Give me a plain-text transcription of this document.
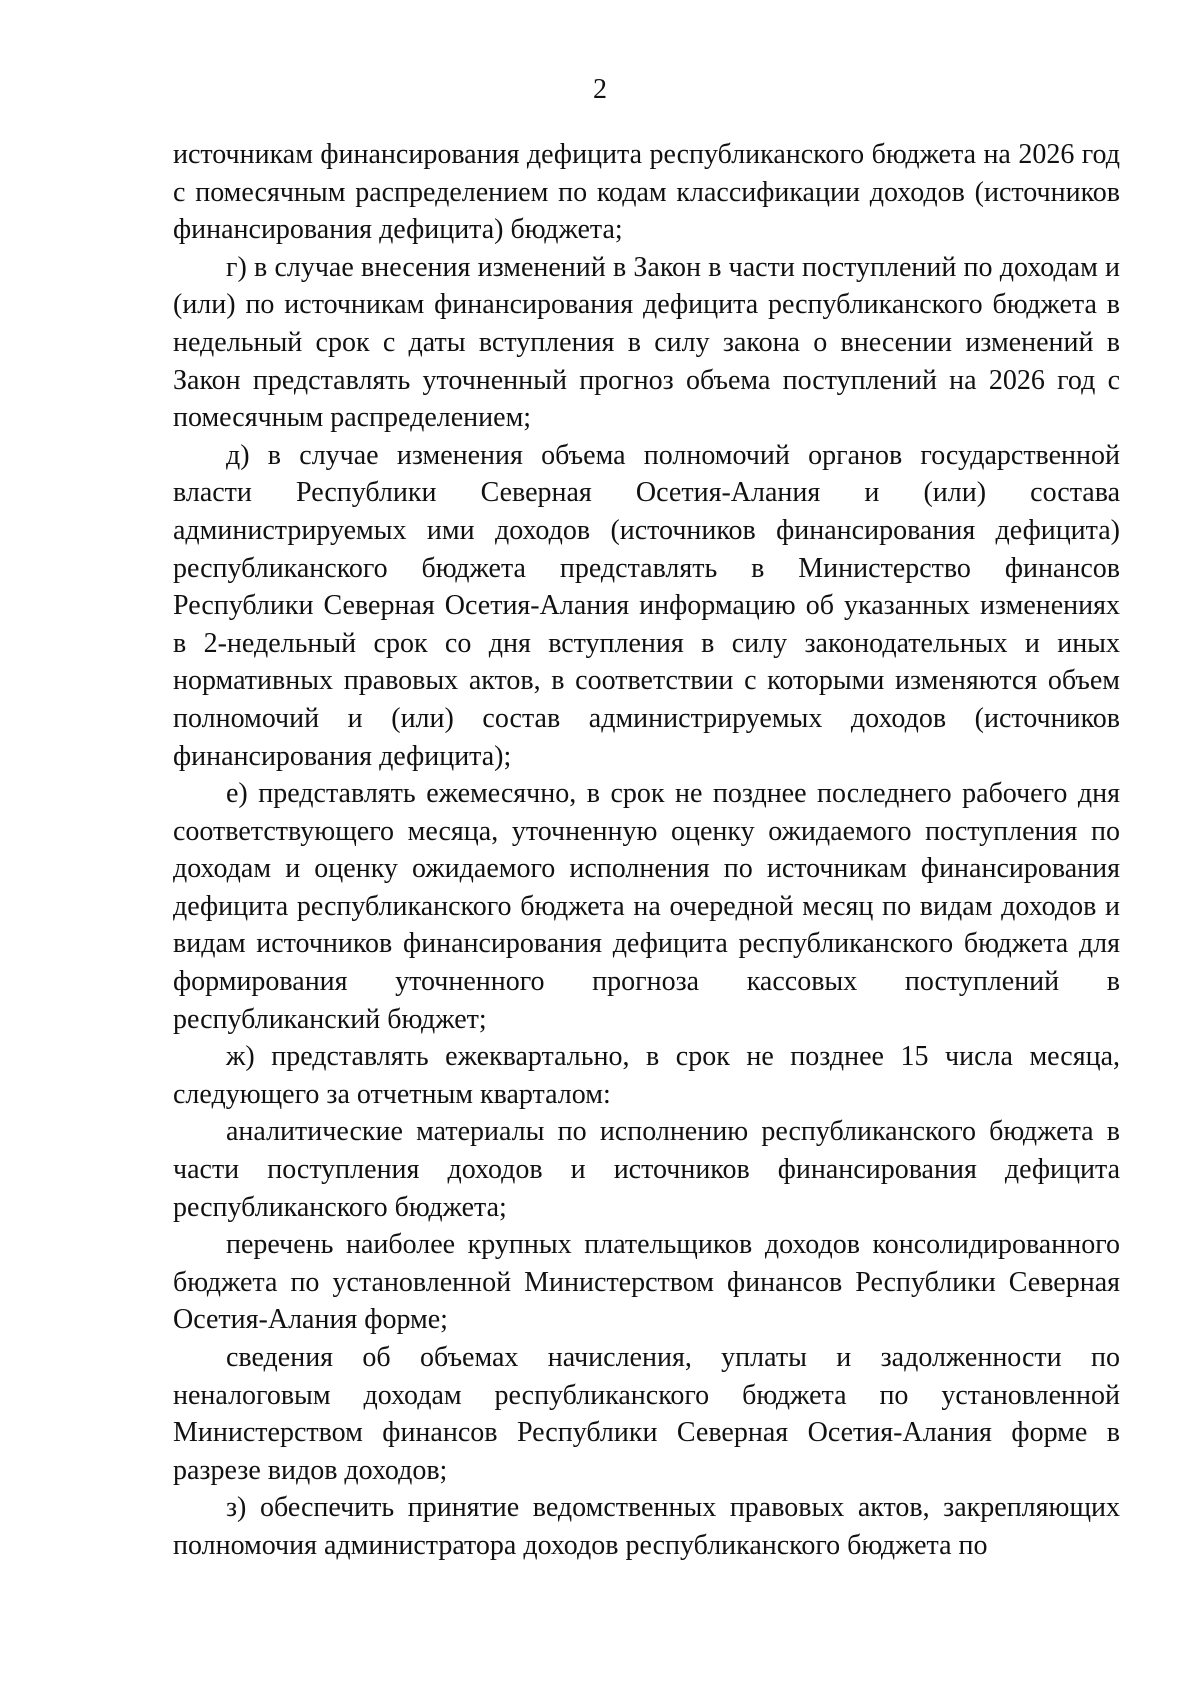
2

источникам финансирования дефицита республиканского бюджета на 2026 год с помесячным распределением по кодам классификации доходов (источников финансирования дефицита) бюджета;

г) в случае внесения изменений в Закон в части поступлений по доходам и (или) по источникам финансирования дефицита республиканского бюджета в недельный срок с даты вступления в силу закона о внесении изменений в Закон представлять уточненный прогноз объема поступлений на 2026 год с помесячным распределением;

д) в случае изменения объема полномочий органов государственной власти Республики Северная Осетия-Алания и (или) состава администрируемых ими доходов (источников финансирования дефицита) республиканского бюджета представлять в Министерство финансов Республики Северная Осетия-Алания информацию об указанных изменениях в 2-недельный срок со дня вступления в силу законодательных и иных нормативных правовых актов, в соответствии с которыми изменяются объем полномочий и (или) состав администрируемых доходов (источников финансирования дефицита);

е) представлять ежемесячно, в срок не позднее последнего рабочего дня соответствующего месяца, уточненную оценку ожидаемого поступления по доходам и оценку ожидаемого исполнения по источникам финансирования дефицита республиканского бюджета на очередной месяц по видам доходов и видам источников финансирования дефицита республиканского бюджета для формирования уточненного прогноза кассовых поступлений в республиканский бюджет;

ж) представлять ежеквартально, в срок не позднее 15 числа месяца, следующего за отчетным кварталом:

аналитические материалы по исполнению республиканского бюджета в части поступления доходов и источников финансирования дефицита республиканского бюджета;

перечень наиболее крупных плательщиков доходов консолидированного бюджета по установленной Министерством финансов Республики Северная Осетия-Алания форме;

сведения об объемах начисления, уплаты и задолженности по неналоговым доходам республиканского бюджета по установленной Министерством финансов Республики Северная Осетия-Алания форме в разрезе видов доходов;

з) обеспечить принятие ведомственных правовых актов, закрепляющих полномочия администратора доходов республиканского бюджета по
